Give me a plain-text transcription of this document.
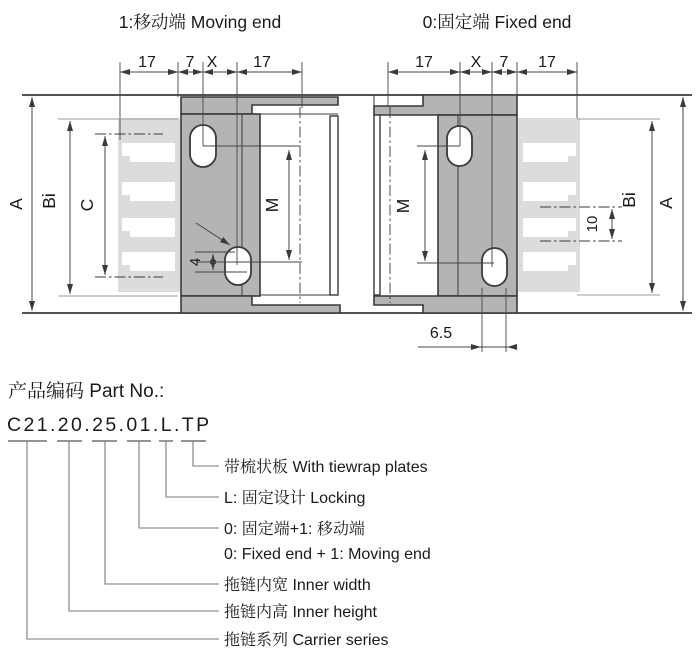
1:移动端 Moving end
17 7 X 17
A Bi C	M
4
0:固定端 Fixed end
17 X 7 17
M
10
Bi A
6.5
产品编码 Part No.:
C21.20.25.01.L.TP
带梳状板 With tiewrap plates
L: 固定设计 Locking
0: 固定端+1: 移动端
0: Fixed end + 1: Moving end
拖链内宽 Inner width
拖链内高 Inner height
拖链系列 Carrier series
